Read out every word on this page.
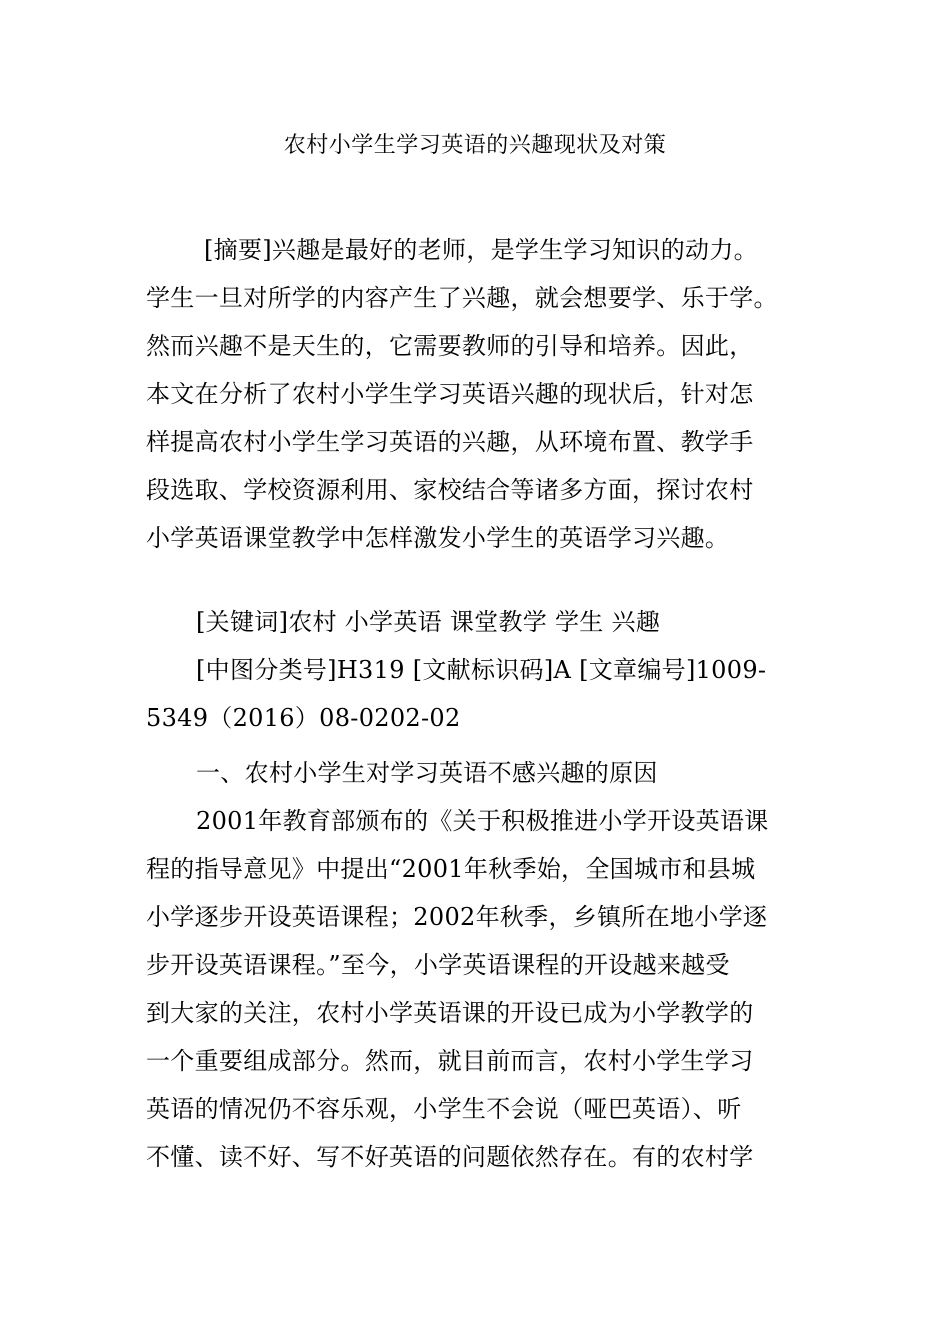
农村小学生学习英语的兴趣现状及对策
[摘要]兴趣是最好的老师，是学生学习知识的动力。
学生一旦对所学的内容产生了兴趣，就会想要学、乐于学。
然而兴趣不是天生的，它需要教师的引导和培养。因此，
本文在分析了农村小学生学习英语兴趣的现状后，针对怎
样提高农村小学生学习英语的兴趣，从环境布置、教学手
段选取、学校资源利用、家校结合等诸多方面，探讨农村
小学英语课堂教学中怎样激发小学生的英语学习兴趣。
[关键词]农村 小学英语 课堂教学 学生 兴趣
[中图分类号]H319 [文献标识码]A [文章编号]1009-
5349（2016）08-0202-02
一、农村小学生对学习英语不感兴趣的原因
2001年教育部颁布的《关于积极推进小学开设英语课
程的指导意见》中提出“2001年秋季始，全国城市和县城
小学逐步开设英语课程；2002年秋季，乡镇所在地小学逐
步开设英语课程。”至今，小学英语课程的开设越来越受
到大家的关注，农村小学英语课的开设已成为小学教学的
一个重要组成部分。然而，就目前而言，农村小学生学习
英语的情况仍不容乐观，小学生不会说（哑巴英语）、听
不懂、读不好、写不好英语的问题依然存在。有的农村学
